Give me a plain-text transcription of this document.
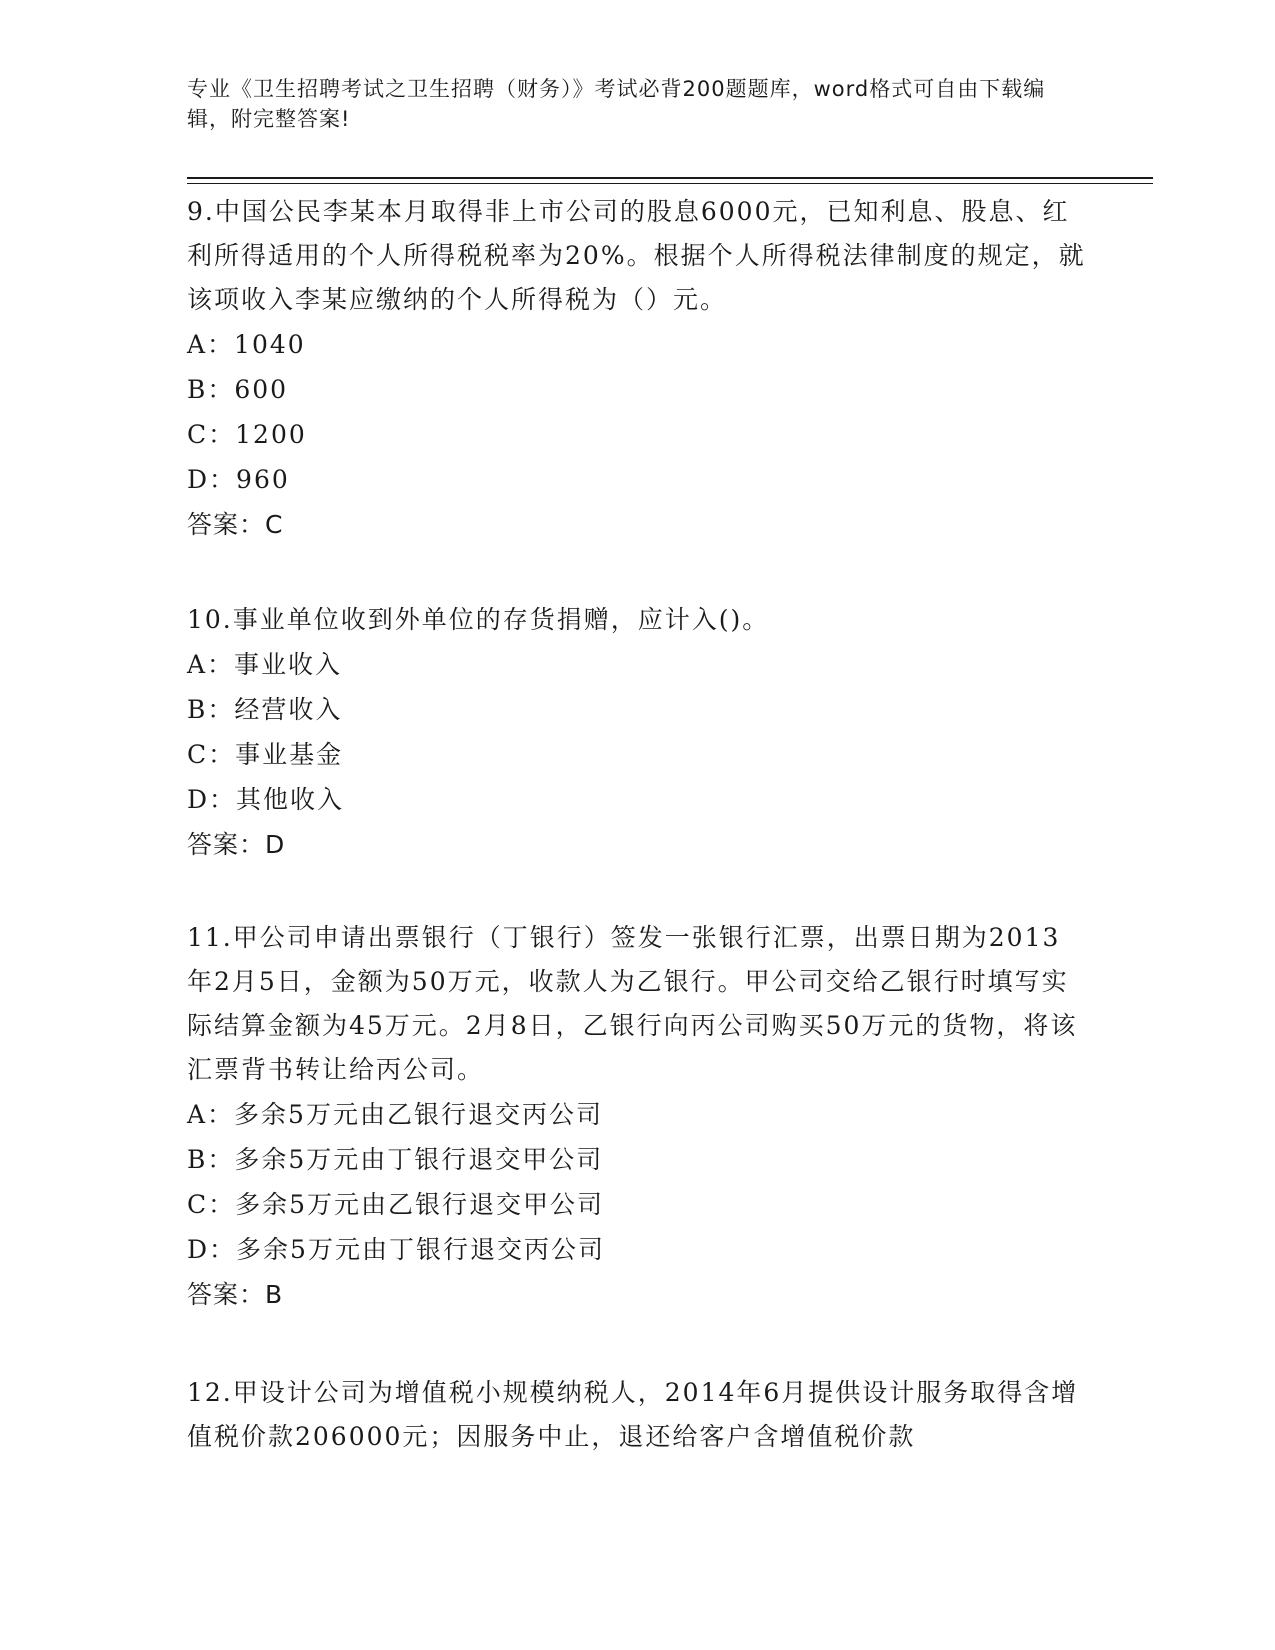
专业《卫生招聘考试之卫生招聘（财务）》考试必背200题题库，word格式可自由下载编辑，附完整答案!

9.中国公民李某本月取得非上市公司的股息6000元，已知利息、股息、红利所得适用的个人所得税税率为20%。根据个人所得税法律制度的规定，就该项收入李某应缴纳的个人所得税为（）元。

A：1040

B：600

C：1200

D：960

答案：C

10.事业单位收到外单位的存货捐赠，应计入()。

A：事业收入

B：经营收入

C：事业基金

D：其他收入

答案：D

11.甲公司申请出票银行（丁银行）签发一张银行汇票，出票日期为2013年2月5日，金额为50万元，收款人为乙银行。甲公司交给乙银行时填写实际结算金额为45万元。2月8日，乙银行向丙公司购买50万元的货物，将该汇票背书转让给丙公司。

A：多余5万元由乙银行退交丙公司

B：多余5万元由丁银行退交甲公司

C：多余5万元由乙银行退交甲公司

D：多余5万元由丁银行退交丙公司

答案：B

12.甲设计公司为增值税小规模纳税人，2014年6月提供设计服务取得含增值税价款206000元；因服务中止，退还给客户含增值税价款
